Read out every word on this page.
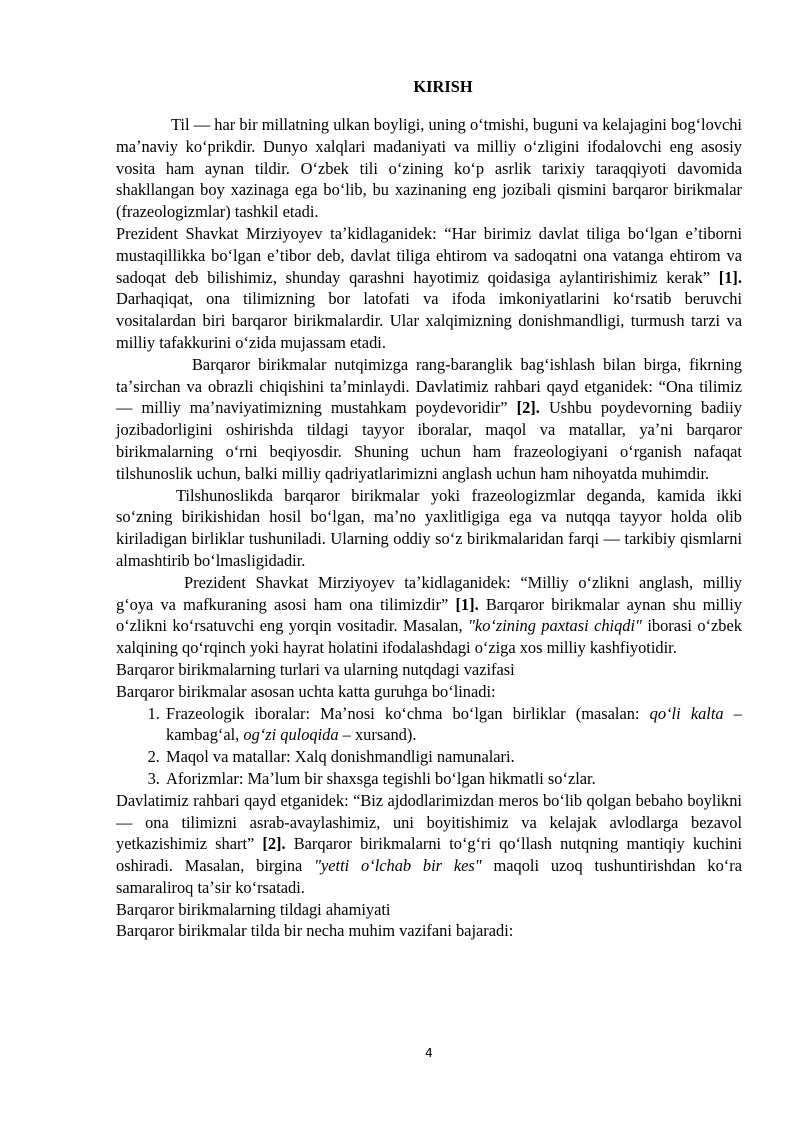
KIRISH

Til — har bir millatning ulkan boyligi, uning oʻtmishi, buguni va kelajagini bogʻlovchi maʼnaviy koʻprikdir. Dunyo xalqlari madaniyati va milliy oʻzligini ifodalovchi eng asosiy vosita ham aynan tildir. Oʻzbek tili oʻzining koʻp asrlik tarixiy taraqqiyoti davomida shakllangan boy xazinaga ega boʻlib, bu xazinaning eng jozibali qismini barqaror birikmalar (frazeologizmlar) tashkil etadi.

Prezident Shavkat Mirziyoyev taʼkidlaganidek: “Har birimiz davlat tiliga boʻlgan eʼtiborni mustaqillikka boʻlgan eʼtibor deb, davlat tiliga ehtirom va sadoqatni ona vatanga ehtirom va sadoqat deb bilishimiz, shunday qarashni hayotimiz qoidasiga aylantirishimiz kerak” [1]. Darhaqiqat, ona tilimizning bor latofati va ifoda imkoniyatlarini koʻrsatib beruvchi vositalardan biri barqaror birikmalardir. Ular xalqimizning donishmandligi, turmush tarzi va milliy tafakkurini oʻzida mujassam etadi.

Barqaror birikmalar nutqimizga rang-baranglik bagʻishlash bilan birga, fikrning taʼsirchan va obrazli chiqishini taʼminlaydi. Davlatimiz rahbari qayd etganidek: “Ona tilimiz — milliy maʼnaviyatimizning mustahkam poydevoridir” [2]. Ushbu poydevorning badiiy jozibadorligini oshirishda tildagi tayyor iboralar, maqol va matallar, yaʼni barqaror birikmalarning oʻrni beqiyosdir. Shuning uchun ham frazeologiyani oʻrganish nafaqat tilshunoslik uchun, balki milliy qadriyatlarimizni anglash uchun ham nihoyatda muhimdir.

Tilshunoslikda barqaror birikmalar yoki frazeologizmlar deganda, kamida ikki soʻzning birikishidan hosil boʻlgan, maʼno yaxlitligiga ega va nutqqa tayyor holda olib kiriladigan birliklar tushuniladi. Ularning oddiy soʻz birikmalaridan farqi — tarkibiy qismlarni almashtirib boʻlmasligidadir.

Prezident Shavkat Mirziyoyev taʼkidlaganidek: “Milliy oʻzlikni anglash, milliy gʻoya va mafkuraning asosi ham ona tilimizdir” [1]. Barqaror birikmalar aynan shu milliy oʻzlikni koʻrsatuvchi eng yorqin vositadir. Masalan, "koʻzining paxtasi chiqdi" iborasi oʻzbek xalqining qoʻrqinch yoki hayrat holatini ifodalashdagi oʻziga xos milliy kashfiyotidir.

Barqaror birikmalarning turlari va ularning nutqdagi vazifasi

Barqaror birikmalar asosan uchta katta guruhga boʻlinadi:

1. Frazeologik iboralar: Maʼnosi koʻchma boʻlgan birliklar (masalan: qoʻli kalta – kambagʻal, ogʻzi quloqida – xursand).
2. Maqol va matallar: Xalq donishmandligi namunalari.
3. Aforizmlar: Maʼlum bir shaxsga tegishli boʻlgan hikmatli soʻzlar.

Davlatimiz rahbari qayd etganidek: “Biz ajdodlarimizdan meros boʻlib qolgan bebaho boylikni — ona tilimizni asrab-avaylashimiz, uni boyitishimiz va kelajak avlodlarga bezavol yetkazishimiz shart” [2]. Barqaror birikmalarni toʻgʻri qoʻllash nutqning mantiqiy kuchini oshiradi. Masalan, birgina "yetti oʻlchab bir kes" maqoli uzoq tushuntirishdan koʻra samaraliroq taʼsir koʻrsatadi.

Barqaror birikmalarning tildagi ahamiyati

Barqaror birikmalar tilda bir necha muhim vazifani bajaradi:

4
